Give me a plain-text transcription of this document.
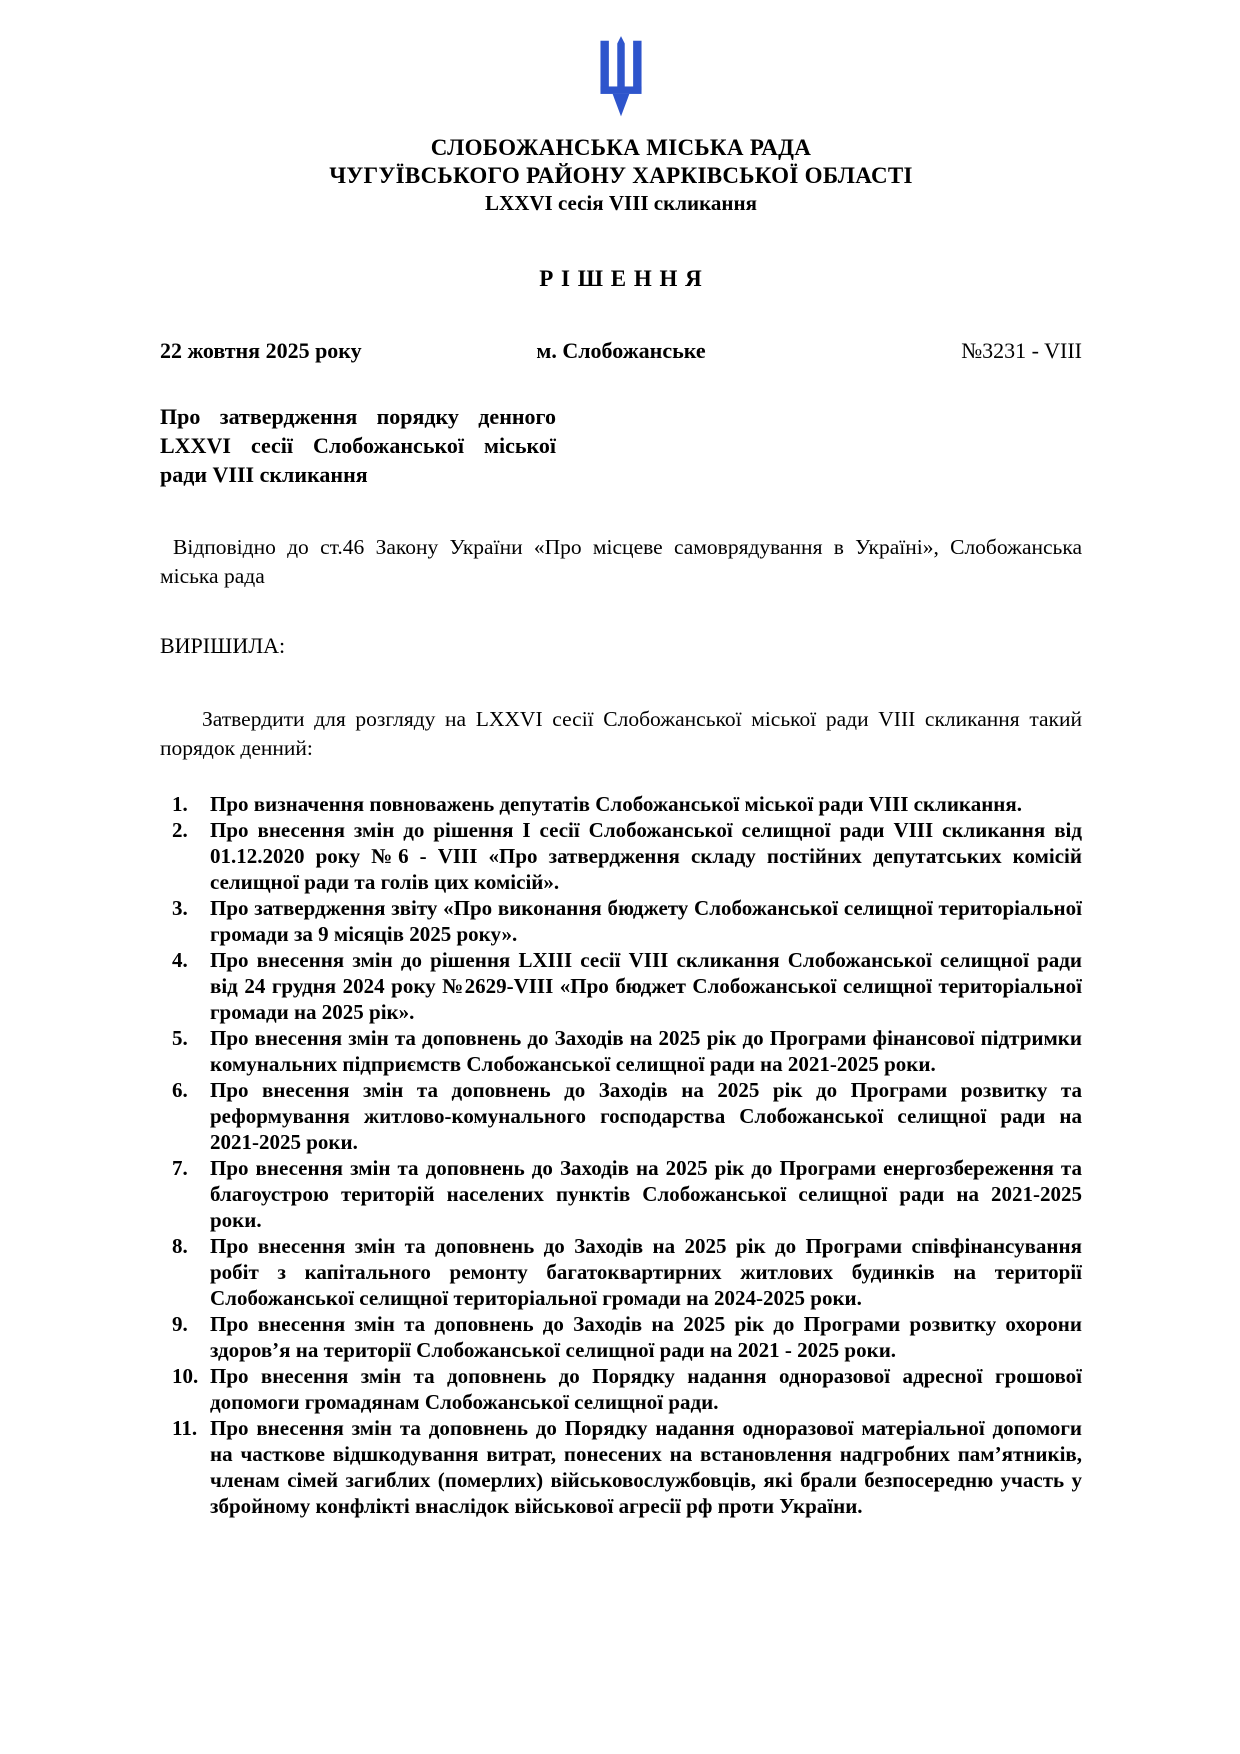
СЛОБОЖАНСЬКА МІСЬКА РАДА
ЧУГУЇВСЬКОГО РАЙОНУ ХАРКІВСЬКОЇ ОБЛАСТІ
LXXVI сесія VIII скликання
Р І Ш Е Н Н Я
22 жовтня 2025 року	м. Слобожанське	№3231 - VIII
Про затвердження порядку денного
LXXVI сесії Слобожанської міської
ради VIII скликання
Відповідно до ст.46 Закону України «Про місцеве самоврядування в Україні», Слобожанська міська рада
ВИРІШИЛА:
Затвердити для розгляду на LXXVI сесії Слобожанської міської ради VIII скликання такий порядок денний:
1.	Про визначення повноважень депутатів Слобожанської міської ради VIII скликання.
2.	Про внесення змін до рішення І сесії Слобожанської селищної ради VIII скликання від 01.12.2020 року №6 - VIII «Про затвердження складу постійних депутатських комісій селищної ради та голів цих комісій».
3.	Про затвердження звіту «Про виконання бюджету Слобожанської селищної територіальної громади за 9 місяців 2025 року».
4.	Про внесення змін до рішення LXIII сесії VIII скликання Слобожанської селищної ради від 24 грудня 2024 року №2629-VIII «Про бюджет Слобожанської селищної територіальної громади на 2025 рік».
5.	Про внесення змін та доповнень до Заходів на 2025 рік до Програми фінансової підтримки комунальних підприємств Слобожанської селищної ради на 2021-2025 роки.
6.	Про внесення змін та доповнень до Заходів на 2025 рік до Програми розвитку та реформування житлово-комунального господарства Слобожанської селищної ради на 2021-2025 роки.
7.	Про внесення змін та доповнень до Заходів на 2025 рік до Програми енергозбереження та благоустрою територій населених пунктів Слобожанської селищної ради на 2021-2025 роки.
8.	Про внесення змін та доповнень до Заходів на 2025 рік до Програми співфінансування робіт з капітального ремонту багатоквартирних житлових будинків на території Слобожанської селищної територіальної громади на 2024-2025 роки.
9.	Про внесення змін та доповнень до Заходів на 2025 рік до Програми розвитку охорони здоров’я на території Слобожанської селищної ради на 2021 - 2025 роки.
10. Про внесення змін та доповнень до Порядку надання одноразової адресної грошової допомоги громадянам Слобожанської селищної ради.
11. Про внесення змін та доповнень до Порядку надання одноразової матеріальної допомоги на часткове відшкодування витрат, понесених на встановлення надгробних пам’ятників, членам сімей загиблих (померлих) військовослужбовців, які брали безпосередню участь у збройному конфлікті внаслідок військової агресії рф проти України.
